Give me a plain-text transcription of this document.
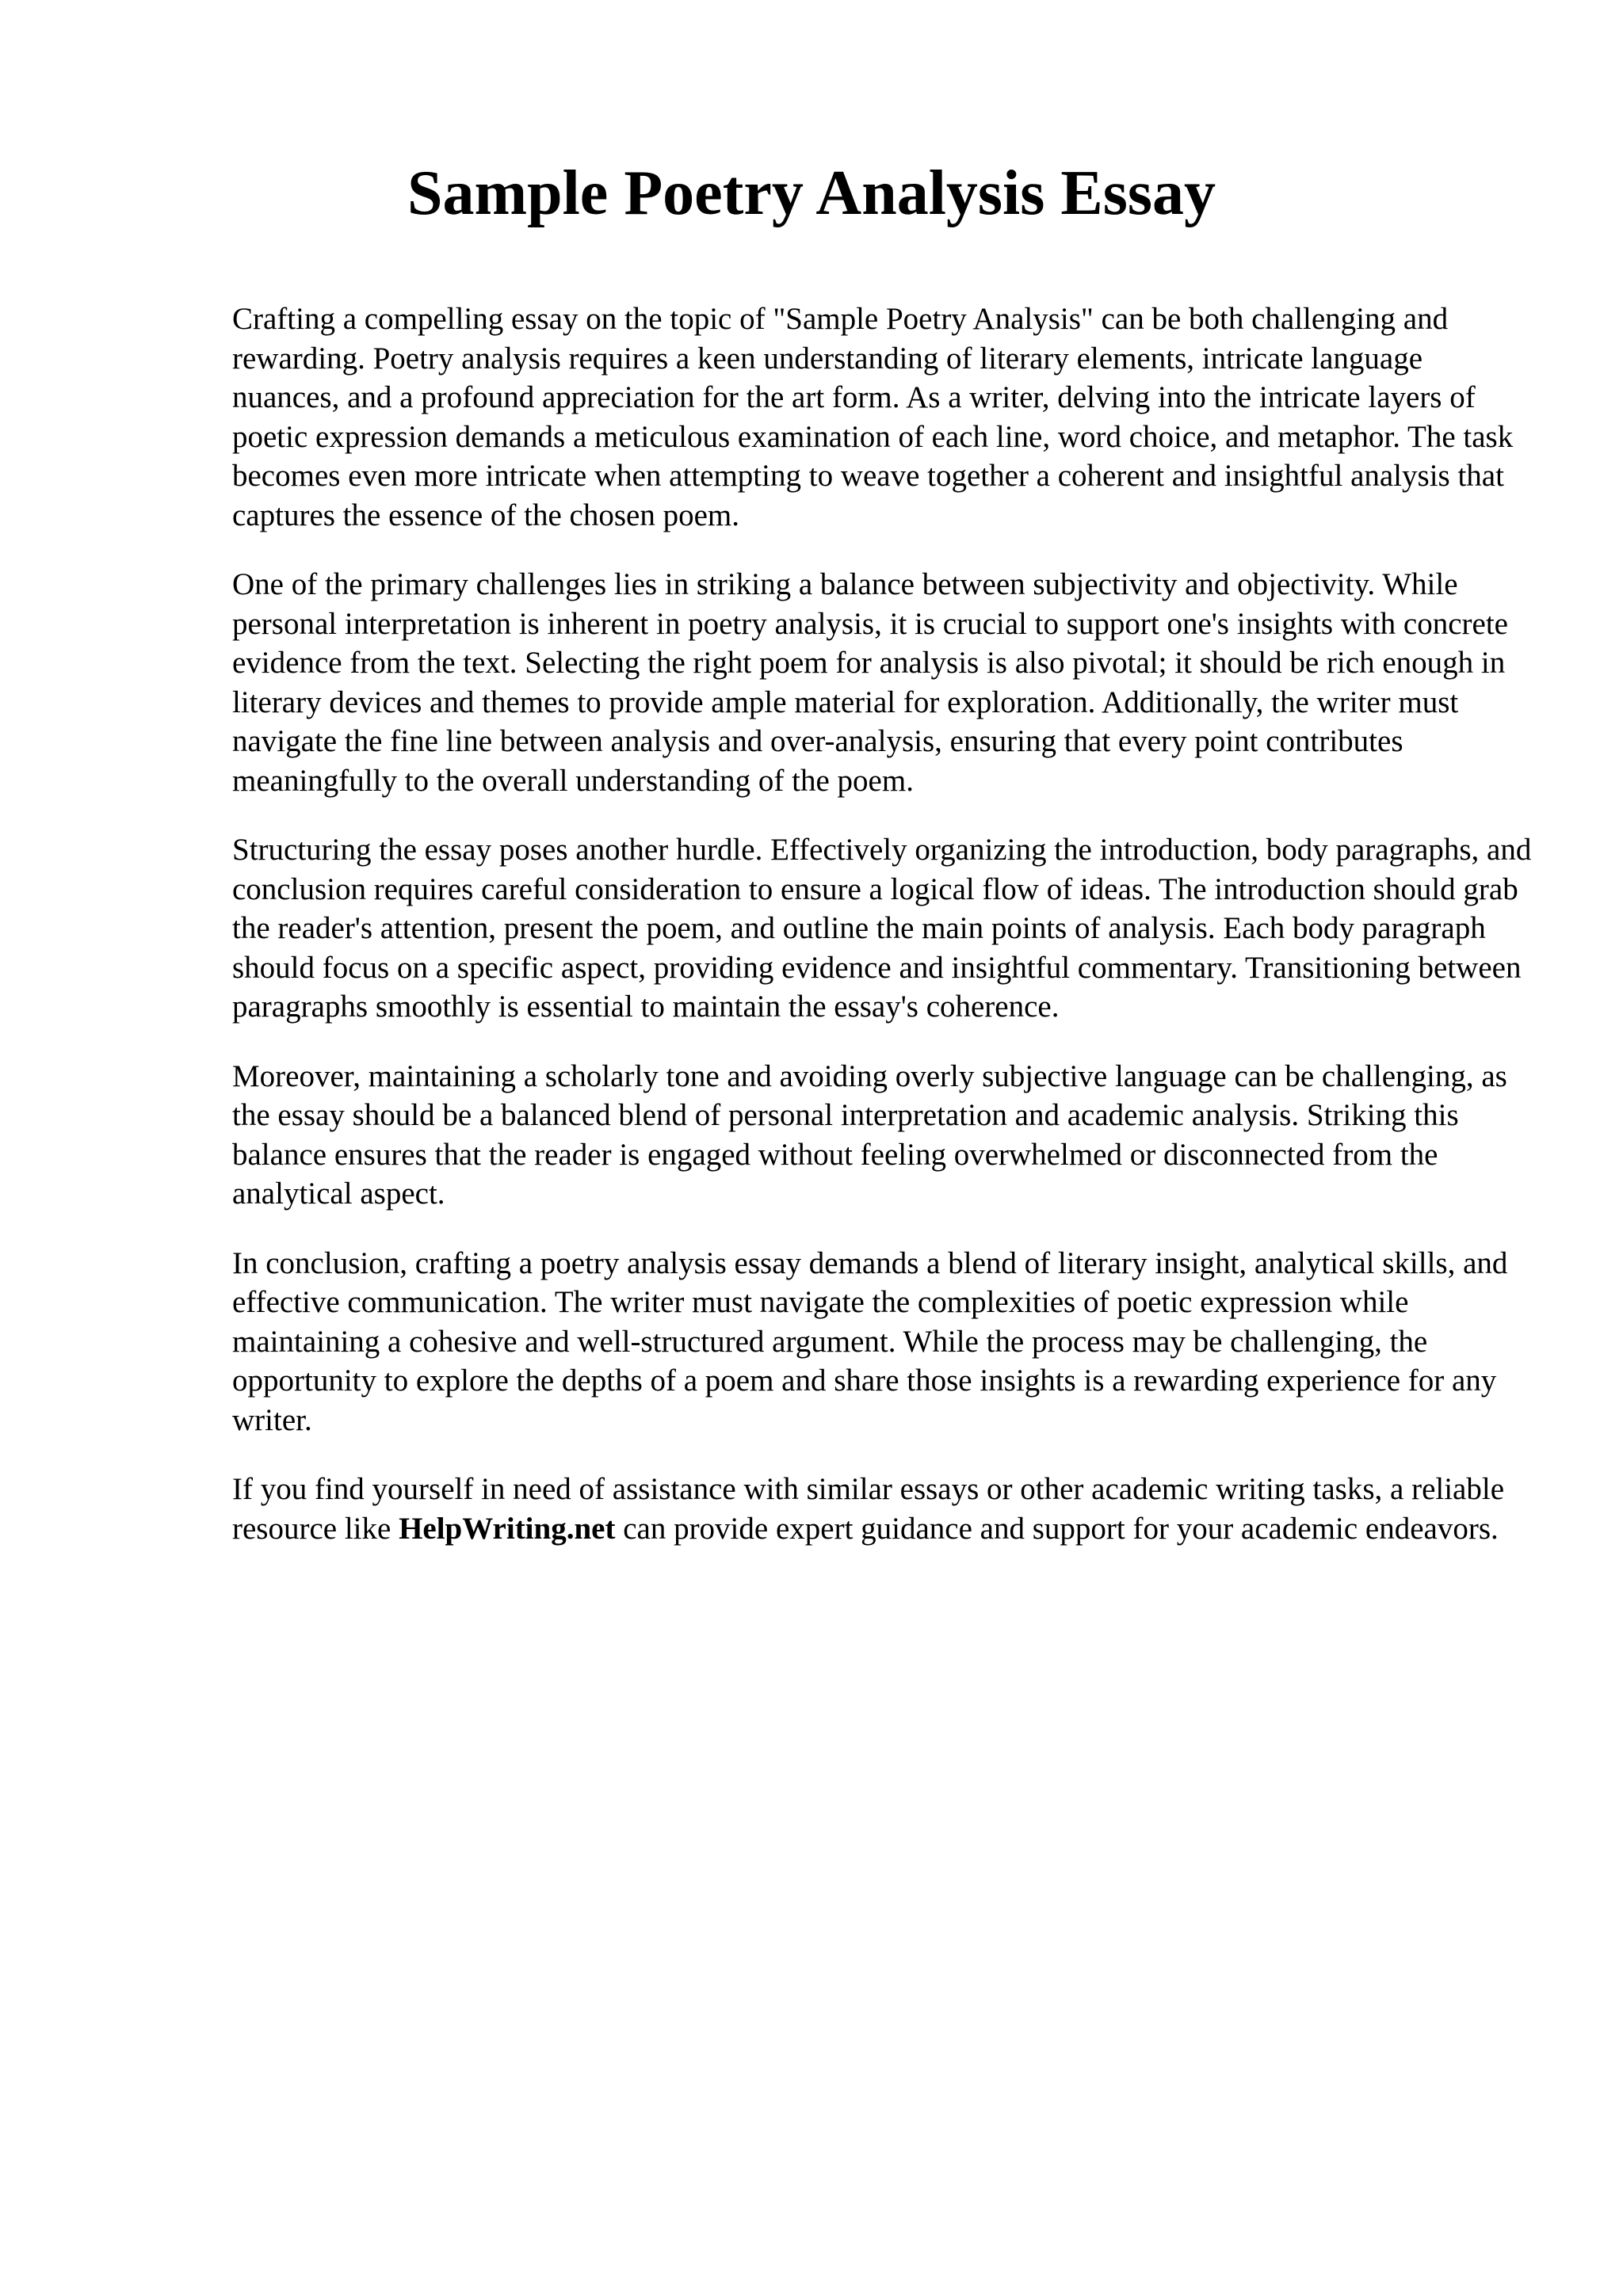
Sample Poetry Analysis Essay

Crafting a compelling essay on the topic of "Sample Poetry Analysis" can be both challenging and rewarding. Poetry analysis requires a keen understanding of literary elements, intricate language nuances, and a profound appreciation for the art form. As a writer, delving into the intricate layers of poetic expression demands a meticulous examination of each line, word choice, and metaphor. The task becomes even more intricate when attempting to weave together a coherent and insightful analysis that captures the essence of the chosen poem.

One of the primary challenges lies in striking a balance between subjectivity and objectivity. While personal interpretation is inherent in poetry analysis, it is crucial to support one's insights with concrete evidence from the text. Selecting the right poem for analysis is also pivotal; it should be rich enough in literary devices and themes to provide ample material for exploration. Additionally, the writer must navigate the fine line between analysis and over-analysis, ensuring that every point contributes meaningfully to the overall understanding of the poem.

Structuring the essay poses another hurdle. Effectively organizing the introduction, body paragraphs, and conclusion requires careful consideration to ensure a logical flow of ideas. The introduction should grab the reader's attention, present the poem, and outline the main points of analysis. Each body paragraph should focus on a specific aspect, providing evidence and insightful commentary. Transitioning between paragraphs smoothly is essential to maintain the essay's coherence.

Moreover, maintaining a scholarly tone and avoiding overly subjective language can be challenging, as the essay should be a balanced blend of personal interpretation and academic analysis. Striking this balance ensures that the reader is engaged without feeling overwhelmed or disconnected from the analytical aspect.

In conclusion, crafting a poetry analysis essay demands a blend of literary insight, analytical skills, and effective communication. The writer must navigate the complexities of poetic expression while maintaining a cohesive and well-structured argument. While the process may be challenging, the opportunity to explore the depths of a poem and share those insights is a rewarding experience for any writer.

If you find yourself in need of assistance with similar essays or other academic writing tasks, a reliable resource like HelpWriting.net can provide expert guidance and support for your academic endeavors.
